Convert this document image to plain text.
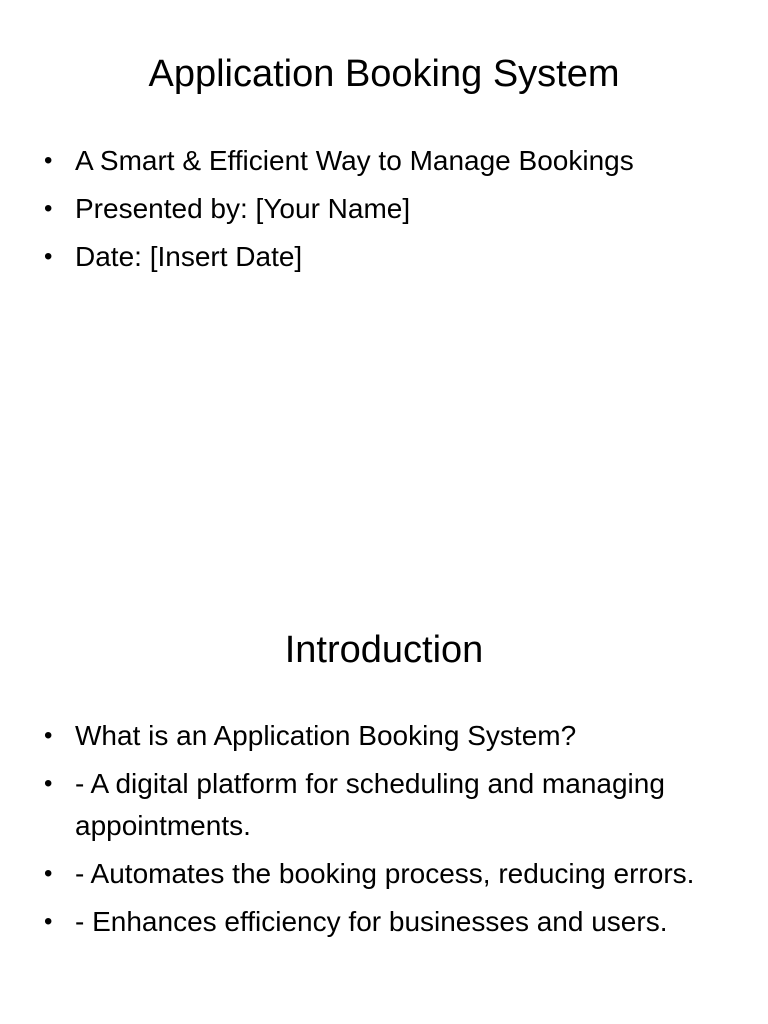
Application Booking System
• A Smart & Efficient Way to Manage Bookings
• Presented by: [Your Name]
• Date: [Insert Date]
Introduction
• What is an Application Booking System?
• - A digital platform for scheduling and managing appointments.
• - Automates the booking process, reducing errors.
• - Enhances efficiency for businesses and users.
